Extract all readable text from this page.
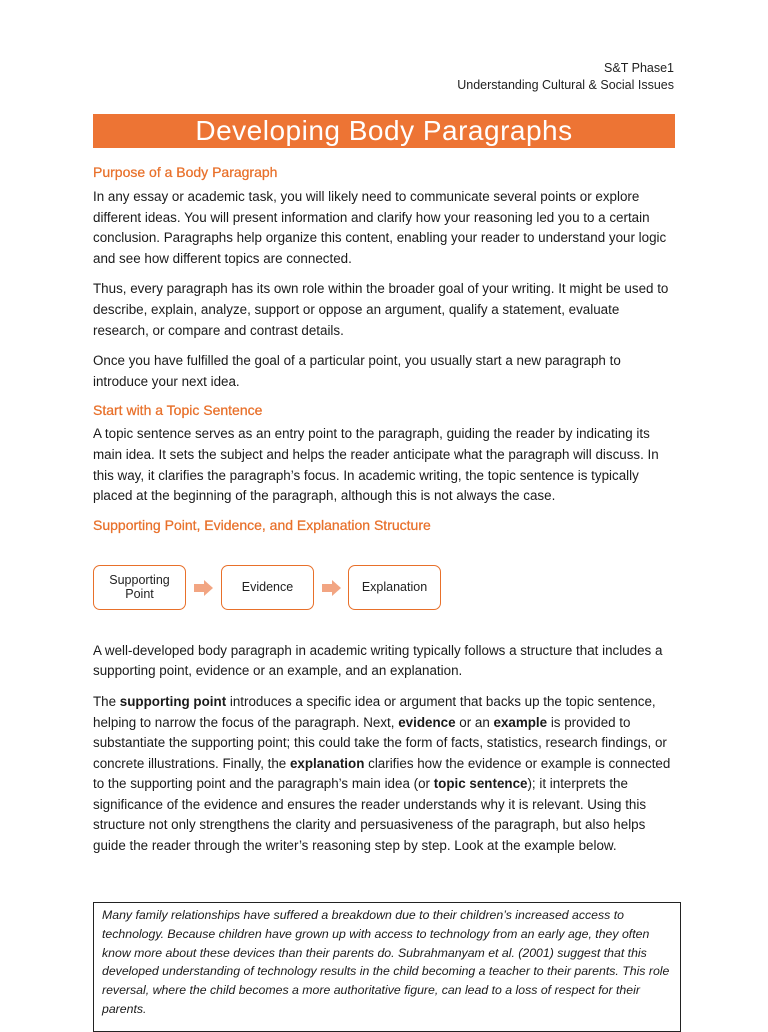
S&T Phase1
Understanding Cultural & Social Issues
Developing Body Paragraphs
Purpose of a Body Paragraph

In any essay or academic task, you will likely need to communicate several points or explore different ideas. You will present information and clarify how your reasoning led you to a certain conclusion. Paragraphs help organize this content, enabling your reader to understand your logic and see how different topics are connected.

Thus, every paragraph has its own role within the broader goal of your writing. It might be used to describe, explain, analyze, support or oppose an argument, qualify a statement, evaluate research, or compare and contrast details.

Once you have fulfilled the goal of a particular point, you usually start a new paragraph to introduce your next idea.

Start with a Topic Sentence

A topic sentence serves as an entry point to the paragraph, guiding the reader by indicating its main idea. It sets the subject and helps the reader anticipate what the paragraph will discuss. In this way, it clarifies the paragraph’s focus. In academic writing, the topic sentence is typically placed at the beginning of the paragraph, although this is not always the case.

Supporting Point, Evidence, and Explanation Structure
Supporting
Point	Evidence	Explanation

A well-developed body paragraph in academic writing typically follows a structure that includes a supporting point, evidence or an example, and an explanation.

The supporting point introduces a specific idea or argument that backs up the topic sentence, helping to narrow the focus of the paragraph. Next, evidence or an example is provided to substantiate the supporting point; this could take the form of facts, statistics, research findings, or concrete illustrations. Finally, the explanation clarifies how the evidence or example is connected to the supporting point and the paragraph’s main idea (or topic sentence); it interprets the significance of the evidence and ensures the reader understands why it is relevant. Using this structure not only strengthens the clarity and persuasiveness of the paragraph, but also helps guide the reader through the writer’s reasoning step by step. Look at the example below.

Many family relationships have suffered a breakdown due to their children’s increased access to technology. Because children have grown up with access to technology from an early age, they often know more about these devices than their parents do. Subrahmanyam et al. (2001) suggest that this developed understanding of technology results in the child becoming a teacher to their parents. This role reversal, where the child becomes a more authoritative figure, can lead to a loss of respect for their parents.
